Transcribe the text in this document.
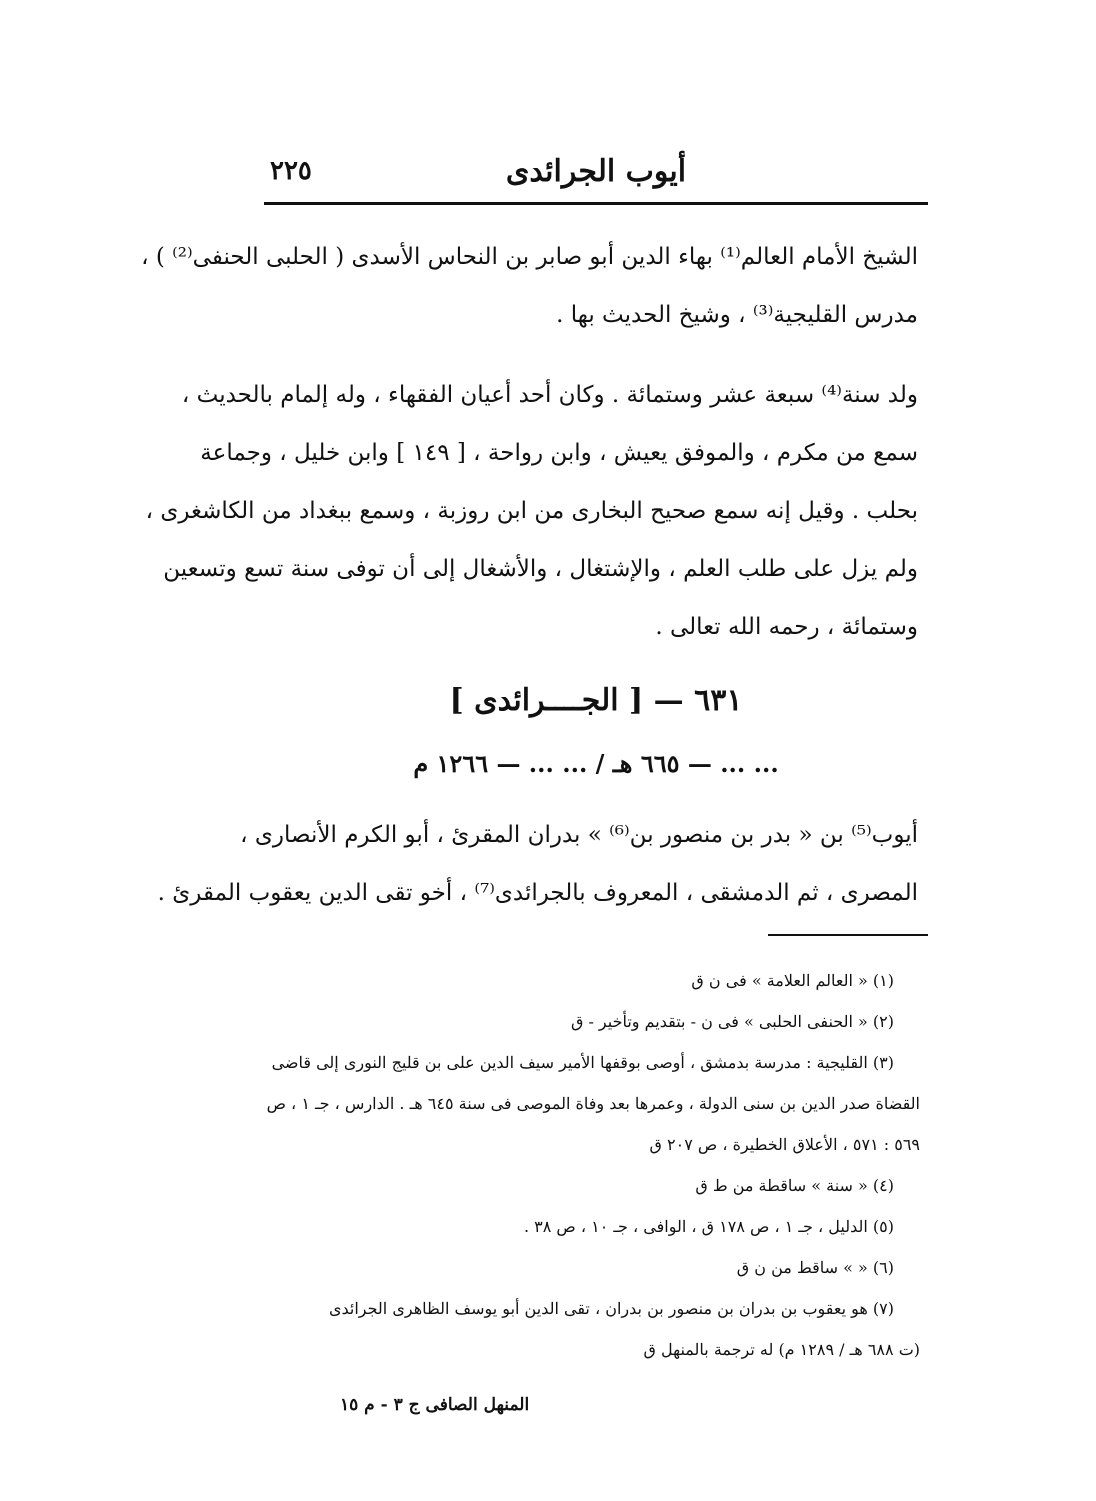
أيوب الجرائدى
٢٢٥
الشيخ الأمام العالم⁽¹⁾ بهاء الدين أبو صابر بن النحاس الأسدى ( الحلبى الحنفى⁽²⁾ ) ،
مدرس القليجية⁽³⁾ ، وشيخ الحديث بها .
ولد سنة⁽⁴⁾ سبعة عشر وستمائة . وكان أحد أعيان الفقهاء ، وله إلمام بالحديث ،
سمع من مكرم ، والموفق يعيش ، وابن رواحة ، [ ١٤٩ ] وابن خليل ، وجماعة
بحلب . وقيل إنه سمع صحيح البخارى من ابن روزبة ، وسمع ببغداد من الكاشغرى ،
ولم يزل على طلب العلم ، والإشتغال ، والأشغال إلى أن توفى سنة تسع وتسعين
وستمائة ، رحمه الله تعالى .
٦٣١ — [ الجــــرائدى ]
... ... — ٦٦٥ هـ / ... ... — ١٢٦٦ م
أيوب⁽⁵⁾ بن « بدر بن منصور بن⁽⁶⁾ » بدران المقرئ ، أبو الكرم الأنصارى ،
المصرى ، ثم الدمشقى ، المعروف بالجرائدى⁽⁷⁾ ، أخو تقى الدين يعقوب المقرئ .
(١) « العالم العلامة » فى ن ق
(٢) « الحنفى الحلبى » فى ن - بتقديم وتأخير - ق
(٣) القليجية : مدرسة بدمشق ، أوصى بوقفها الأمير سيف الدين على بن قليج النورى إلى قاضى
القضاة صدر الدين بن سنى الدولة ، وعمرها بعد وفاة الموصى فى سنة ٦٤٥ هـ . الدارس ، جـ ١ ، ص
٥٦٩ : ٥٧١ ، الأعلاق الخطيرة ، ص ٢٠٧ ق
(٤) « سنة » ساقطة من ط ق
(٥) الدليل ، جـ ١ ، ص ١٧٨ ق ، الوافى ، جـ ١٠ ، ص ٣٨ .
(٦) « » ساقط من ن ق
(٧) هو يعقوب بن بدران بن منصور بن بدران ، تقى الدين أبو يوسف الظاهرى الجرائدى
(ت ٦٨٨ هـ / ١٢٨٩ م) له ترجمة بالمنهل ق
المنهل الصافى ج ٣ - م ١٥
